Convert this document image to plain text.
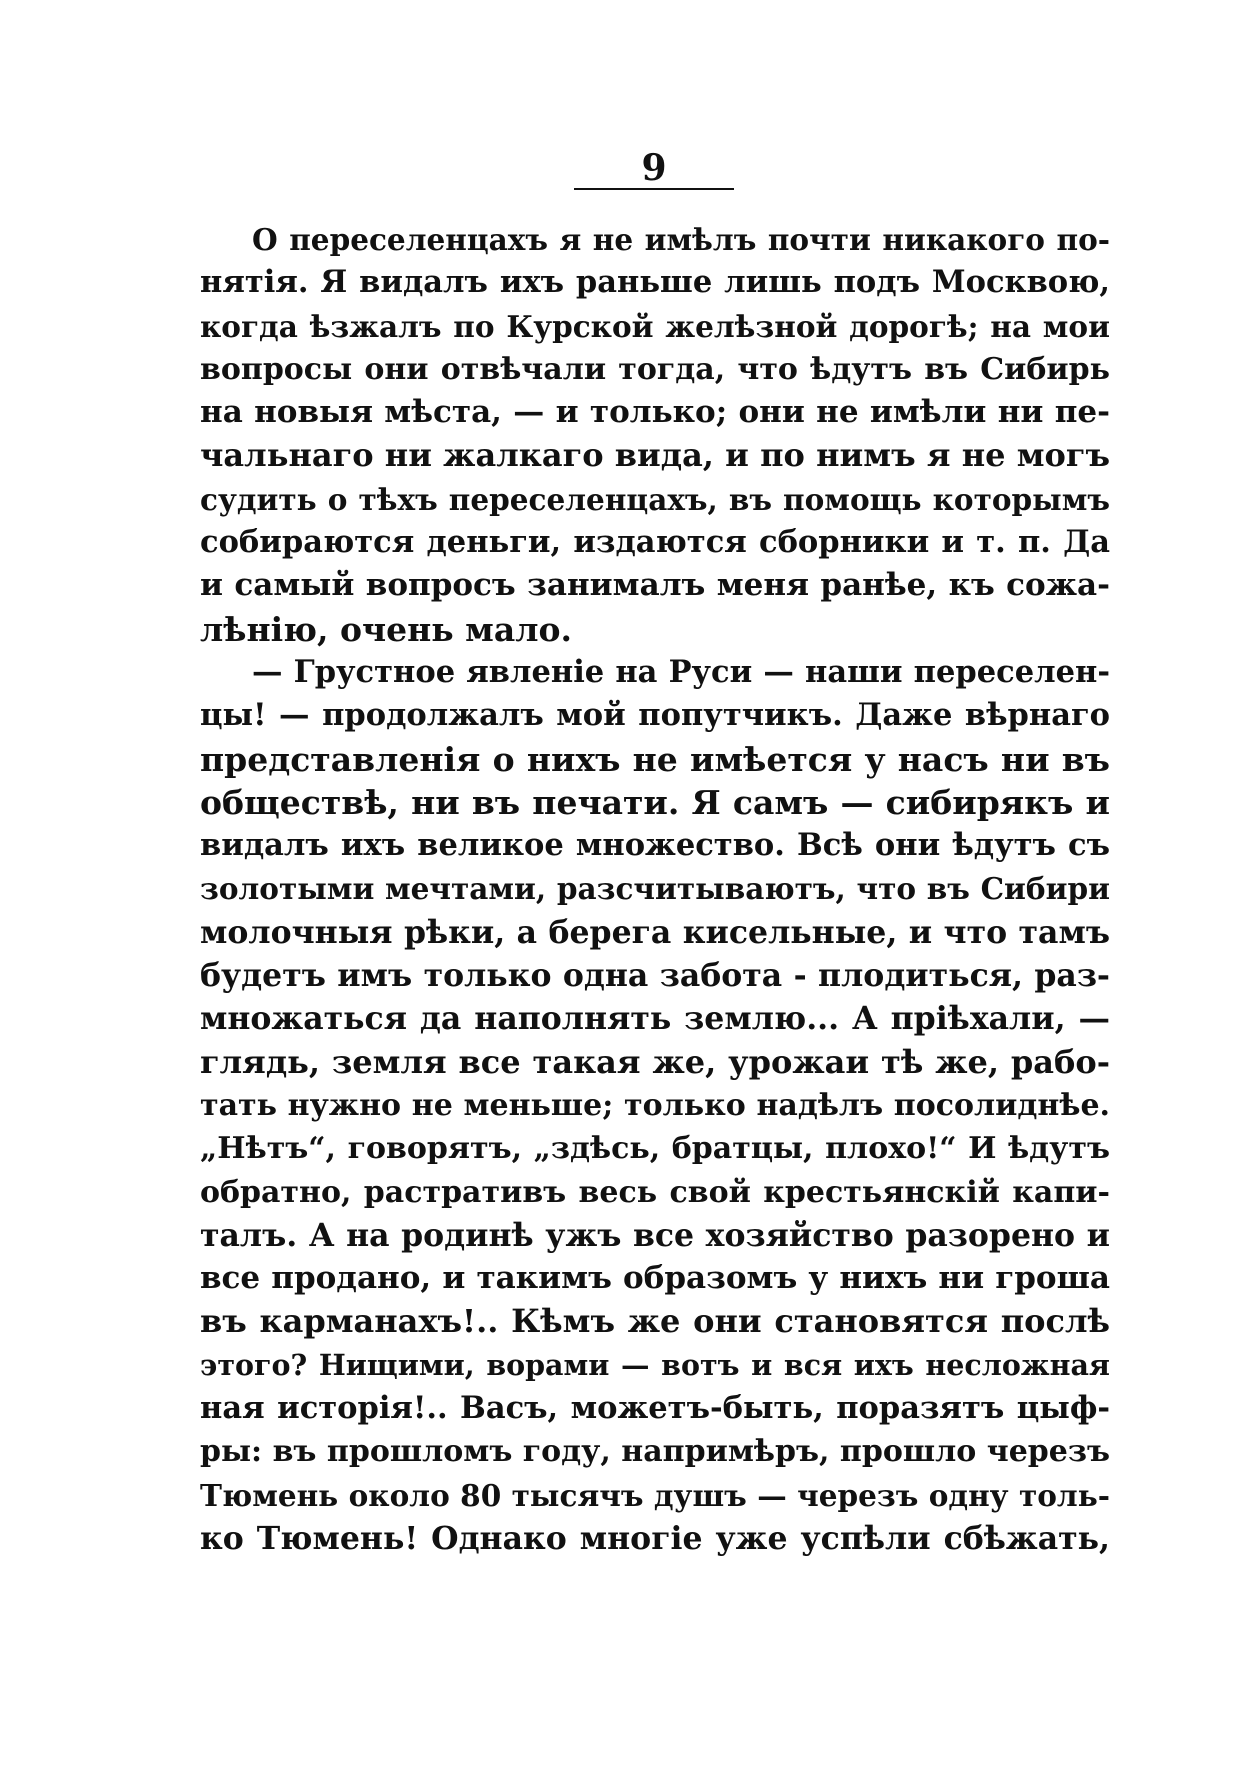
9
О переселенцахъ я не имѣлъ почти никакого по-
нятія. Я видалъ ихъ раньше лишь подъ Москвою,
когда ѣзжалъ по Курской желѣзной дорогѣ; на мои
вопросы они отвѣчали тогда, что ѣдутъ въ Сибирь
на новыя мѣста, — и только; они не имѣли ни пе-
чальнаго ни жалкаго вида, и по нимъ я не могъ
судить о тѣхъ переселенцахъ, въ помощь которымъ
собираются деньги, издаются сборники и т. п. Да
и самый вопросъ занималъ меня ранѣе, къ сожа-
лѣнію, очень мало.
— Грустное явленіе на Руси — наши переселен-
цы! — продолжалъ мой попутчикъ. Даже вѣрнаго
представленія о нихъ не имѣется у насъ ни въ
обществѣ, ни въ печати. Я самъ — сибирякъ и
видалъ ихъ великое множество. Всѣ они ѣдутъ съ
золотыми мечтами, разсчитываютъ, что въ Сибири
молочныя рѣки, а берега кисельные, и что тамъ
будетъ имъ только одна забота - плодиться, раз-
множаться да наполнять землю... А пріѣхали, —
глядь, земля все такая же, урожаи тѣ же, рабо-
тать нужно не меньше; только надѣлъ посолиднѣе.
„Нѣтъ“, говорятъ, „здѣсь, братцы, плохо!“ И ѣдутъ
обратно, растративъ весь свой крестьянскій капи-
талъ. А на родинѣ ужъ все хозяйство разорено и
все продано, и такимъ образомъ у нихъ ни гроша
въ карманахъ!.. Кѣмъ же они становятся послѣ
этого? Нищими, ворами — вотъ и вся ихъ несложная
ная исторія!.. Васъ, можетъ-быть, поразятъ цыф-
ры: въ прошломъ году, напримѣръ, прошло черезъ
Тюмень около 80 тысячъ душъ — черезъ одну толь-
ко Тюмень! Однако многіе уже успѣли сбѣжать,
